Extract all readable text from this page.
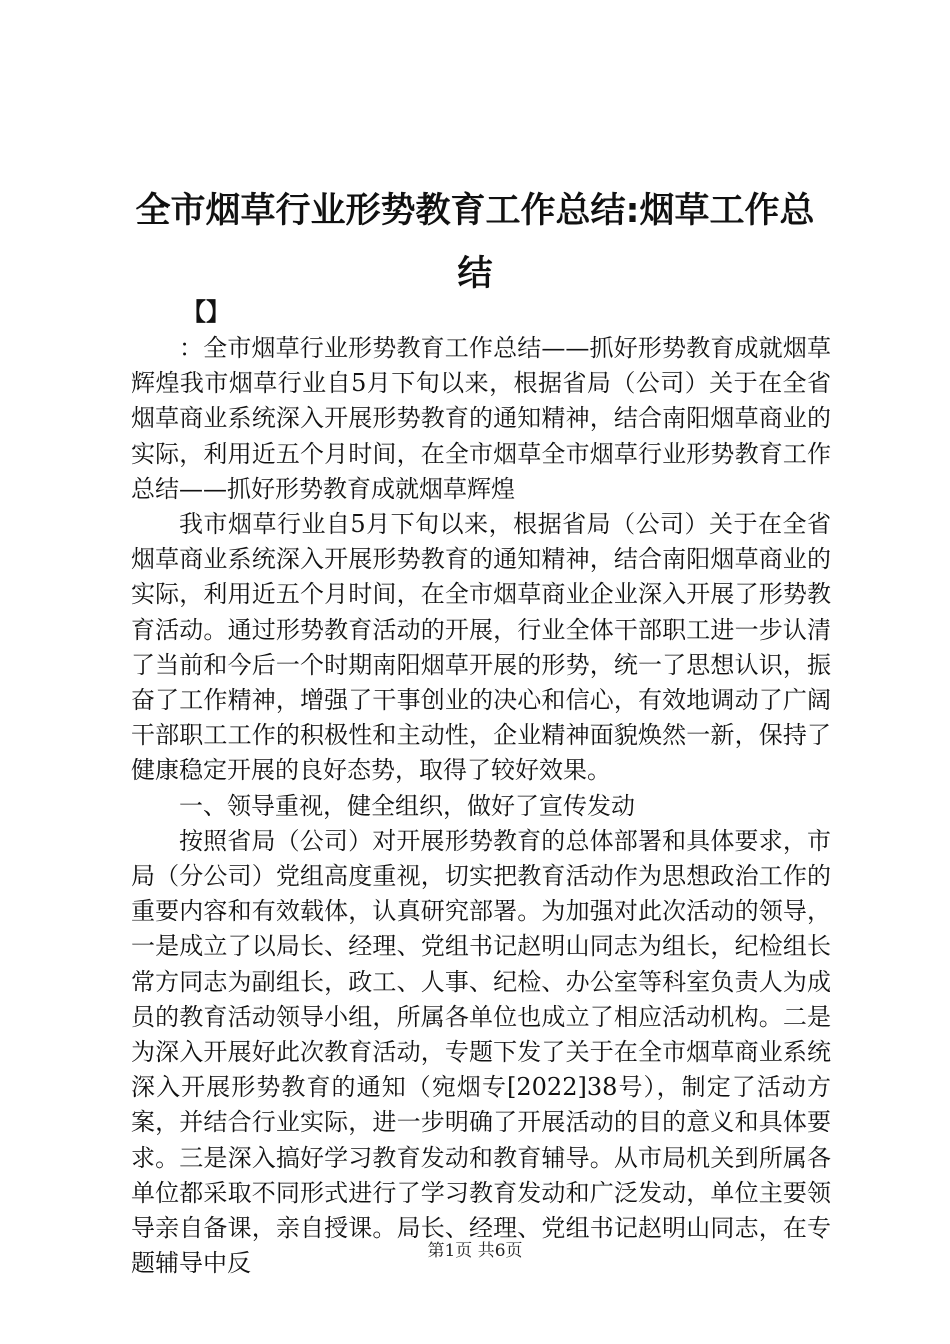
全市烟草行业形势教育工作总结:烟草工作总结
【】

：全市烟草行业形势教育工作总结——抓好形势教育成就烟草辉煌我市烟草行业自5月下旬以来，根据省局（公司）关于在全省烟草商业系统深入开展形势教育的通知精神，结合南阳烟草商业的实际，利用近五个月时间，在全市烟草全市烟草行业形势教育工作总结——抓好形势教育成就烟草辉煌

我市烟草行业自5月下旬以来，根据省局（公司）关于在全省烟草商业系统深入开展形势教育的通知精神，结合南阳烟草商业的实际，利用近五个月时间，在全市烟草商业企业深入开展了形势教育活动。通过形势教育活动的开展，行业全体干部职工进一步认清了当前和今后一个时期南阳烟草开展的形势，统一了思想认识，振奋了工作精神，增强了干事创业的决心和信心，有效地调动了广阔干部职工工作的积极性和主动性，企业精神面貌焕然一新，保持了健康稳定开展的良好态势，取得了较好效果。

一、领导重视，健全组织，做好了宣传发动

按照省局（公司）对开展形势教育的总体部署和具体要求，市局（分公司）党组高度重视，切实把教育活动作为思想政治工作的重要内容和有效载体，认真研究部署。为加强对此次活动的领导，一是成立了以局长、经理、党组书记赵明山同志为组长，纪检组长常方同志为副组长，政工、人事、纪检、办公室等科室负责人为成员的教育活动领导小组，所属各单位也成立了相应活动机构。二是为深入开展好此次教育活动，专题下发了关于在全市烟草商业系统深入开展形势教育的通知（宛烟专[2022]38号），制定了活动方案，并结合行业实际，进一步明确了开展活动的目的意义和具体要求。三是深入搞好学习教育发动和教育辅导。从市局机关到所属各单位都采取不同形式进行了学习教育发动和广泛发动，单位主要领导亲自备课，亲自授课。局长、经理、党组书记赵明山同志，在专题辅导中反	第1页 共6页
